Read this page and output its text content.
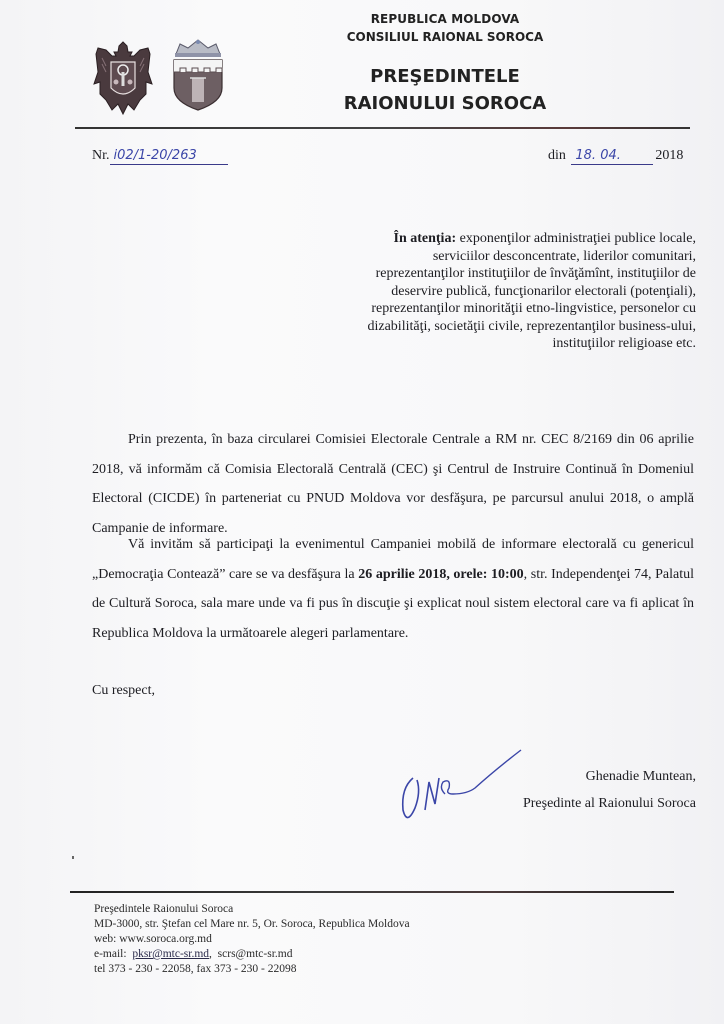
REPUBLICA MOLDOVA
CONSILIUL RAIONAL SOROCA
PREŞEDINTELE
RAIONULUI SOROCA
Nr. i02/1-20/263	din 18. 04. 2018
În atenţia: exponenţilor administraţiei publice locale, serviciilor desconcentrate, liderilor comunitari, reprezentanţilor instituţiilor de învăţămînt, instituţiilor de deservire publică, funcţionarilor electorali (potenţiali), reprezentanţilor minorităţii etno-lingvistice, personelor cu dizabilităţi, societăţii civile, reprezentanţilor business-ului, instituţiilor religioase etc.

Prin prezenta, în baza circularei Comisiei Electorale Centrale a RM nr. CEC 8/2169 din 06 aprilie 2018, vă informăm că Comisia Electorală Centrală (CEC) şi Centrul de Instruire Continuă în Domeniul Electoral (CICDE) în parteneriat cu PNUD Moldova vor desfăşura, pe parcursul anului 2018, o amplă Campanie de informare.

Vă invităm să participaţi la evenimentul Campaniei mobilă de informare electorală cu genericul „Democraţia Contează” care se va desfăşura la 26 aprilie 2018, orele: 10:00, str. Independenţei 74, Palatul de Cultură Soroca, sala mare unde va fi pus în discuţie şi explicat noul sistem electoral care va fi aplicat în Republica Moldova la următoarele alegeri parlamentare.

Cu respect,
Ghenadie Muntean,
Preşedinte al Raionului Soroca
Preşedintele Raionului Soroca
MD-3000, str. Ştefan cel Mare nr. 5, Or. Soroca, Republica Moldova
web: www.soroca.org.md
e-mail: pksr@mtc-sr.md,  scrs@mtc-sr.md
tel 373 - 230 - 22058, fax 373 - 230 - 22098
